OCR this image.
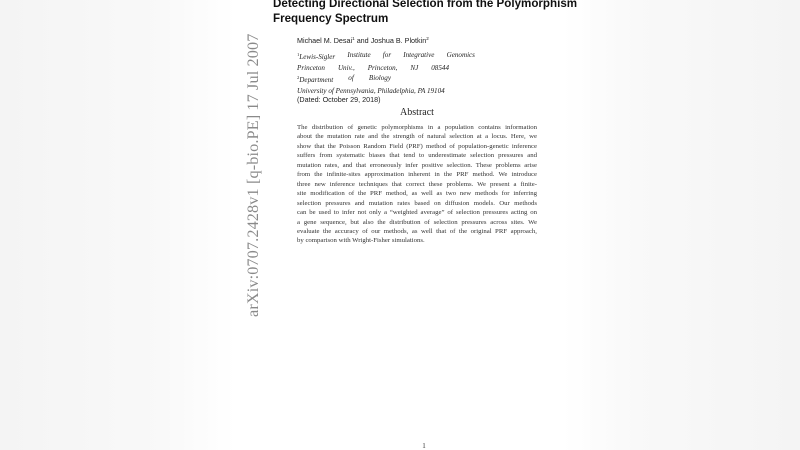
arXiv:0707.2428v1 [q-bio.PE] 17 Jul 2007
Detecting Directional Selection from the Polymorphism
Frequency Spectrum
Michael M. Desai$^1$ and Joshua B. Plotkin$^2$
$^1$Lewis-Sigler Institute for Integrative Genomics
Princeton Univ., Princeton, NJ 08544
$^2$Department of Biology
University of Pennsylvania, Philadelphia, PA 19104
(Dated: October 29, 2018)
Abstract
The distribution of genetic polymorphisms in a population contains information
about the mutation rate and the strength of natural selection at a locus. Here, we
show that the Poisson Random Field (PRF) method of population-genetic inference
suffers from systematic biases that tend to underestimate selection pressures and
mutation rates, and that erroneously infer positive selection. These problems arise
from the infinite-sites approximation inherent in the PRF method. We introduce
three new inference techniques that correct these problems. We present a finite-
site modification of the PRF method, as well as two new methods for inferring
selection pressures and mutation rates based on diffusion models. Our methods
can be used to infer not only a “weighted average” of selection pressures acting on
a gene sequence, but also the distribution of selection pressures across sites. We
evaluate the accuracy of our methods, as well that of the original PRF approach,
by comparison with Wright-Fisher simulations.
1
